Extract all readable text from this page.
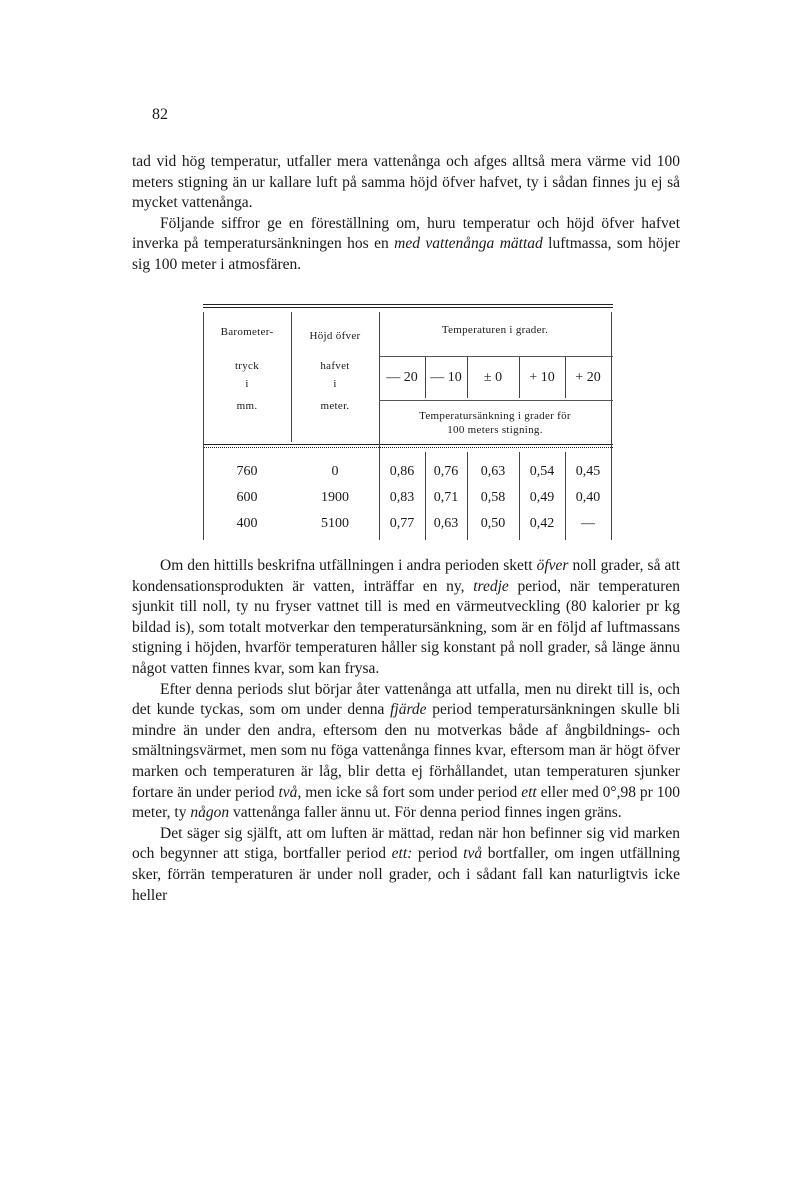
82

tad vid hög temperatur, utfaller mera vattenånga och afges alltså mera värme vid 100 meters stigning än ur kallare luft på samma höjd öfver hafvet, ty i sådan finnes ju ej så mycket vattenånga.

Följande siffror ge en föreställning om, huru temperatur och höjd öfver hafvet inverka på temperatursänkningen hos en med vattenånga mättad luftmassa, som höjer sig 100 meter i atmosfären.

Barometer-
tryck
i
mm.
Höjd öfver
hafvet
i
meter.
Temperaturen i grader.
— 20 — 10	± 0	+ 10	+ 20
Temperatursänkning i grader för
100 meters stigning.
760	0	0,86	0,76	0,63	0,54	0,45
600	1900	0,83	0,71	0,58	0,49	0,40
400	5100	0,77	0,63	0,50	0,42	—

Om den hittills beskrifna utfällningen i andra perioden skett öfver noll grader, så att kondensationsprodukten är vatten, inträffar en ny, tredje period, när temperaturen sjunkit till noll, ty nu fryser vattnet till is med en värmeutveckling (80 kalorier pr kg bildad is), som totalt motverkar den temperatursänkning, som är en följd af luftmassans stigning i höjden, hvarför temperaturen håller sig konstant på noll grader, så länge ännu något vatten finnes kvar, som kan frysa.

Efter denna periods slut börjar åter vattenånga att utfalla, men nu direkt till is, och det kunde tyckas, som om under denna fjärde period temperatursänkningen skulle bli mindre än under den andra, eftersom den nu motverkas både af ångbildnings- och smältningsvärmet, men som nu föga vattenånga finnes kvar, eftersom man är högt öfver marken och temperaturen är låg, blir detta ej förhållandet, utan temperaturen sjunker fortare än under period två, men icke så fort som under period ett eller med 0°,98 pr 100 meter, ty någon vattenånga faller ännu ut. För denna period finnes ingen gräns.

Det säger sig själft, att om luften är mättad, redan när hon befinner sig vid marken och begynner att stiga, bortfaller period ett: period två bortfaller, om ingen utfällning sker, förrän temperaturen är under noll grader, och i sådant fall kan naturligtvis icke heller
